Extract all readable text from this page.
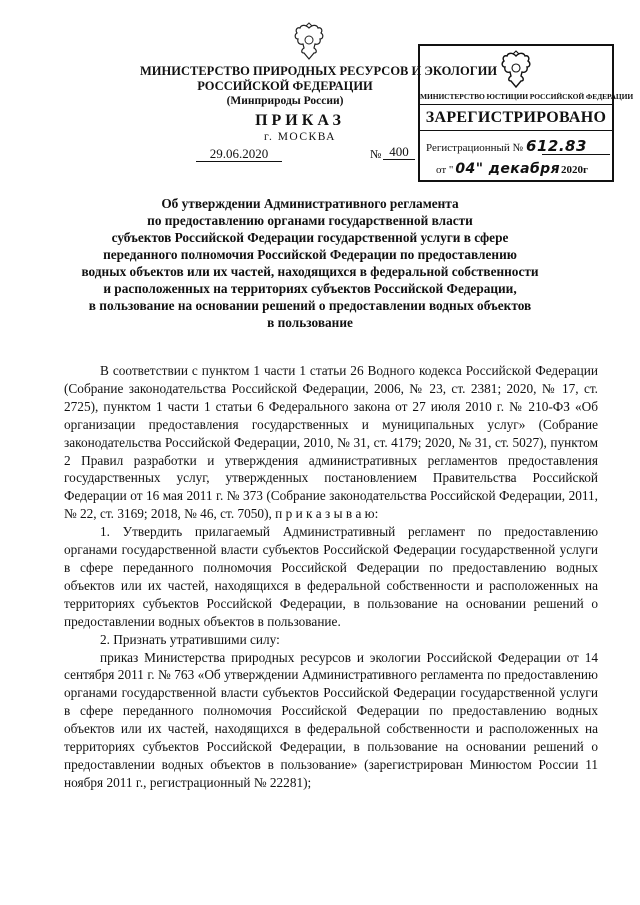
МИНИСТЕРСТВО ПРИРОДНЫХ РЕСУРСОВ И ЭКОЛОГИИ
РОССИЙСКОЙ ФЕДЕРАЦИИ
(Минприроды России)
ПРИКАЗ
г. МОСКВА
29.06.2020	№ 400
МИНИСТЕРСТВО ЮСТИЦИИ РОССИЙСКОЙ ФЕДЕРАЦИИ
ЗАРЕГИСТРИРОВАНО
Регистрационный № 612.83
от " 04" декабря2020г
Об утверждении Административного регламента
по предоставлению органами государственной власти
субъектов Российской Федерации государственной услуги в сфере
переданного полномочия Российской Федерации по предоставлению
водных объектов или их частей, находящихся в федеральной собственности
и расположенных на территориях субъектов Российской Федерации,
в пользование на основании решений о предоставлении водных объектов
в пользование

В соответствии с пунктом 1 части 1 статьи 26 Водного кодекса Российской Федерации (Собрание законодательства Российской Федерации, 2006, № 23, ст. 2381; 2020, № 17, ст. 2725), пунктом 1 части 1 статьи 6 Федерального закона от 27 июля 2010 г. № 210-ФЗ «Об организации предоставления государственных и муниципальных услуг» (Собрание законодательства Российской Федерации, 2010, № 31, ст. 4179; 2020, № 31, ст. 5027), пунктом 2 Правил разработки и утверждения административных регламентов предоставления государственных услуг, утвержденных постановлением Правительства Российской Федерации от 16 мая 2011 г. № 373 (Собрание законодательства Российской Федерации, 2011, № 22, ст. 3169; 2018, № 46, ст. 7050), п р и к а з ы в а ю:

1. Утвердить прилагаемый Административный регламент по предоставлению органами государственной власти субъектов Российской Федерации государственной услуги в сфере переданного полномочия Российской Федерации по предоставлению водных объектов или их частей, находящихся в федеральной собственности и расположенных на территориях субъектов Российской Федерации, в пользование на основании решений о предоставлении водных объектов в пользование.

2. Признать утратившими силу:

приказ Министерства природных ресурсов и экологии Российской Федерации от 14 сентября 2011 г. № 763 «Об утверждении Административного регламента по предоставлению органами государственной власти субъектов Российской Федерации государственной услуги в сфере переданного полномочия Российской Федерации по предоставлению водных объектов или их частей, находящихся в федеральной собственности и расположенных на территориях субъектов Российской Федерации, в пользование на основании решений о предоставлении водных объектов в пользование» (зарегистрирован Минюстом России 11 ноября 2011 г., регистрационный № 22281);
